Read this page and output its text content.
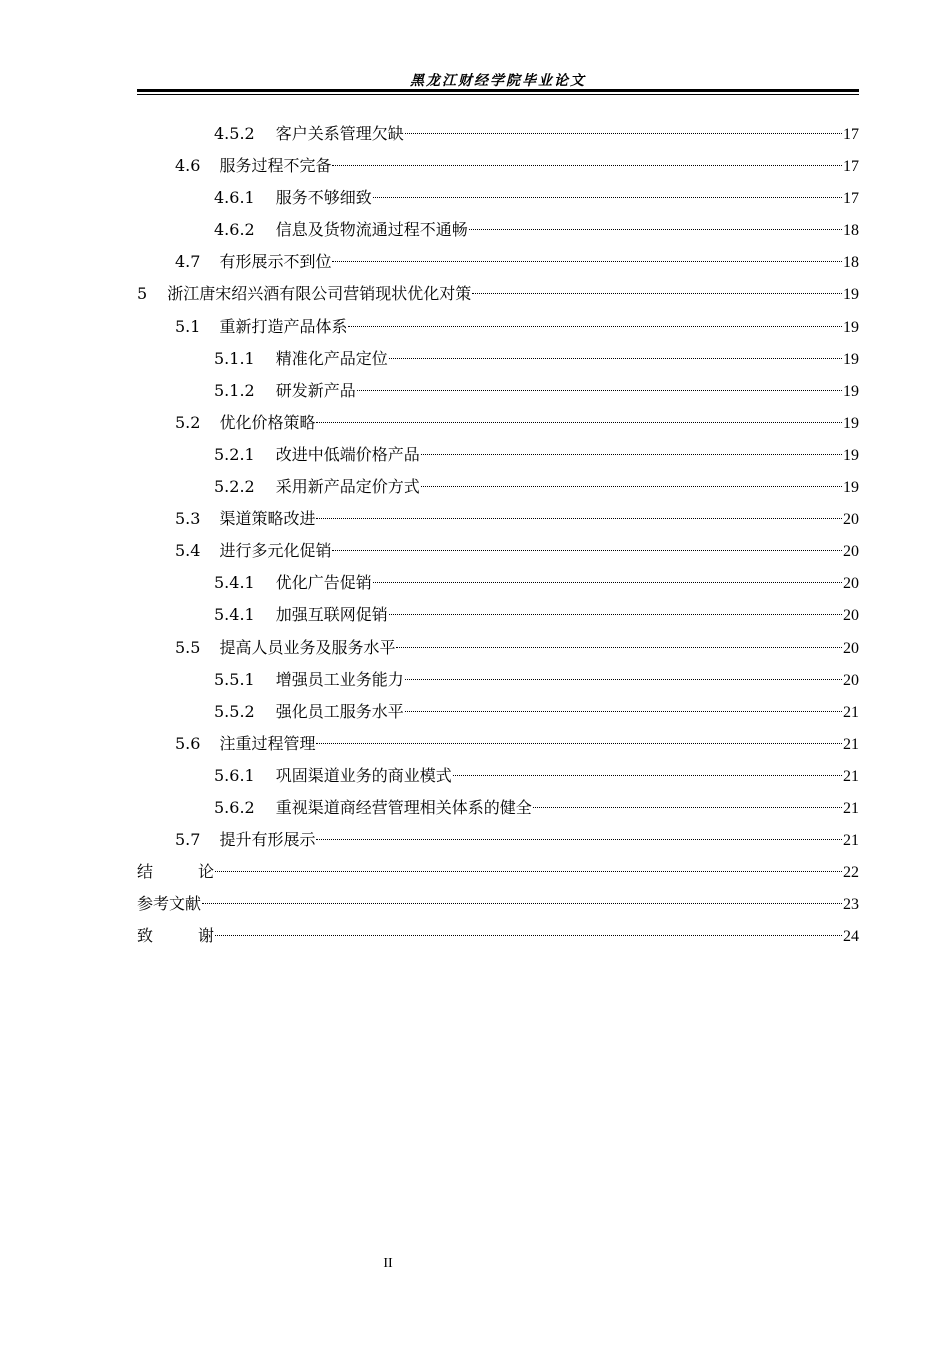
黑龙江财经学院毕业论文
4.5.2 客户关系管理欠缺	17
4.6 服务过程不完备	17
4.6.1 服务不够细致	17
4.6.2 信息及货物流通过程不通畅	18
4.7 有形展示不到位	18
5 浙江唐宋绍兴酒有限公司营销现状优化对策	19
5.1 重新打造产品体系	19
5.1.1 精准化产品定位	19
5.1.2 研发新产品	19
5.2 优化价格策略	19
5.2.1 改进中低端价格产品	19
5.2.2 采用新产品定价方式	19
5.3 渠道策略改进	20
5.4 进行多元化促销	20
5.4.1 优化广告促销	20
5.4.1 加强互联网促销	20
5.5 提高人员业务及服务水平	20
5.5.1 增强员工业务能力	20
5.5.2 强化员工服务水平	21
5.6 注重过程管理	21
5.6.1 巩固渠道业务的商业模式	21
5.6.2 重视渠道商经营管理相关体系的健全	21
5.7 提升有形展示	21
结论	22
参考文献	23
致谢	24
II
